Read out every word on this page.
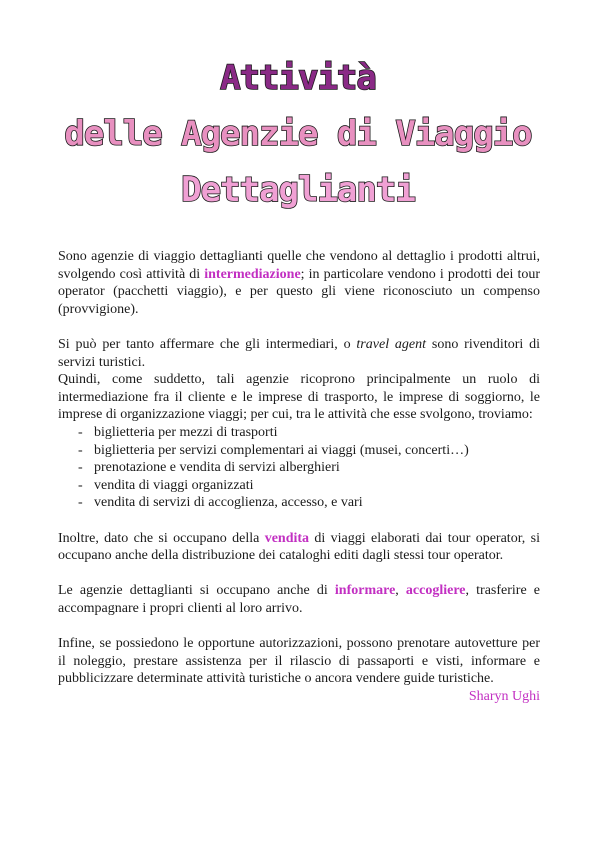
Attività
delle Agenzie di Viaggio
Dettaglianti

Sono agenzie di viaggio dettaglianti quelle che vendono al dettaglio i prodotti altrui, svolgendo così attività di intermediazione; in particolare vendono i prodotti dei tour operator (pacchetti viaggio), e per questo gli viene riconosciuto un compenso (provvigione).

Si può per tanto affermare che gli intermediari, o travel agent sono rivenditori di servizi turistici.

Quindi, come suddetto, tali agenzie ricoprono principalmente un ruolo di intermediazione fra il cliente e le imprese di trasporto, le imprese di soggiorno, le imprese di organizzazione viaggi; per cui, tra le attività che esse svolgono, troviamo:

- biglietteria per mezzi di trasporti
- biglietteria per servizi complementari ai viaggi (musei, concerti…)
- prenotazione e vendita di servizi alberghieri
- vendita di viaggi organizzati
- vendita di servizi di accoglienza, accesso, e vari

Inoltre, dato che si occupano della vendita di viaggi elaborati dai tour operator, si occupano anche della distribuzione dei cataloghi editi dagli stessi tour operator.

Le agenzie dettaglianti si occupano anche di informare, accogliere, trasferire e accompagnare i propri clienti al loro arrivo.

Infine, se possiedono le opportune autorizzazioni, possono prenotare autovetture per il noleggio, prestare assistenza per il rilascio di passaporti e visti, informare e pubblicizzare determinate attività turistiche o ancora vendere guide turistiche.

Sharyn Ughi
